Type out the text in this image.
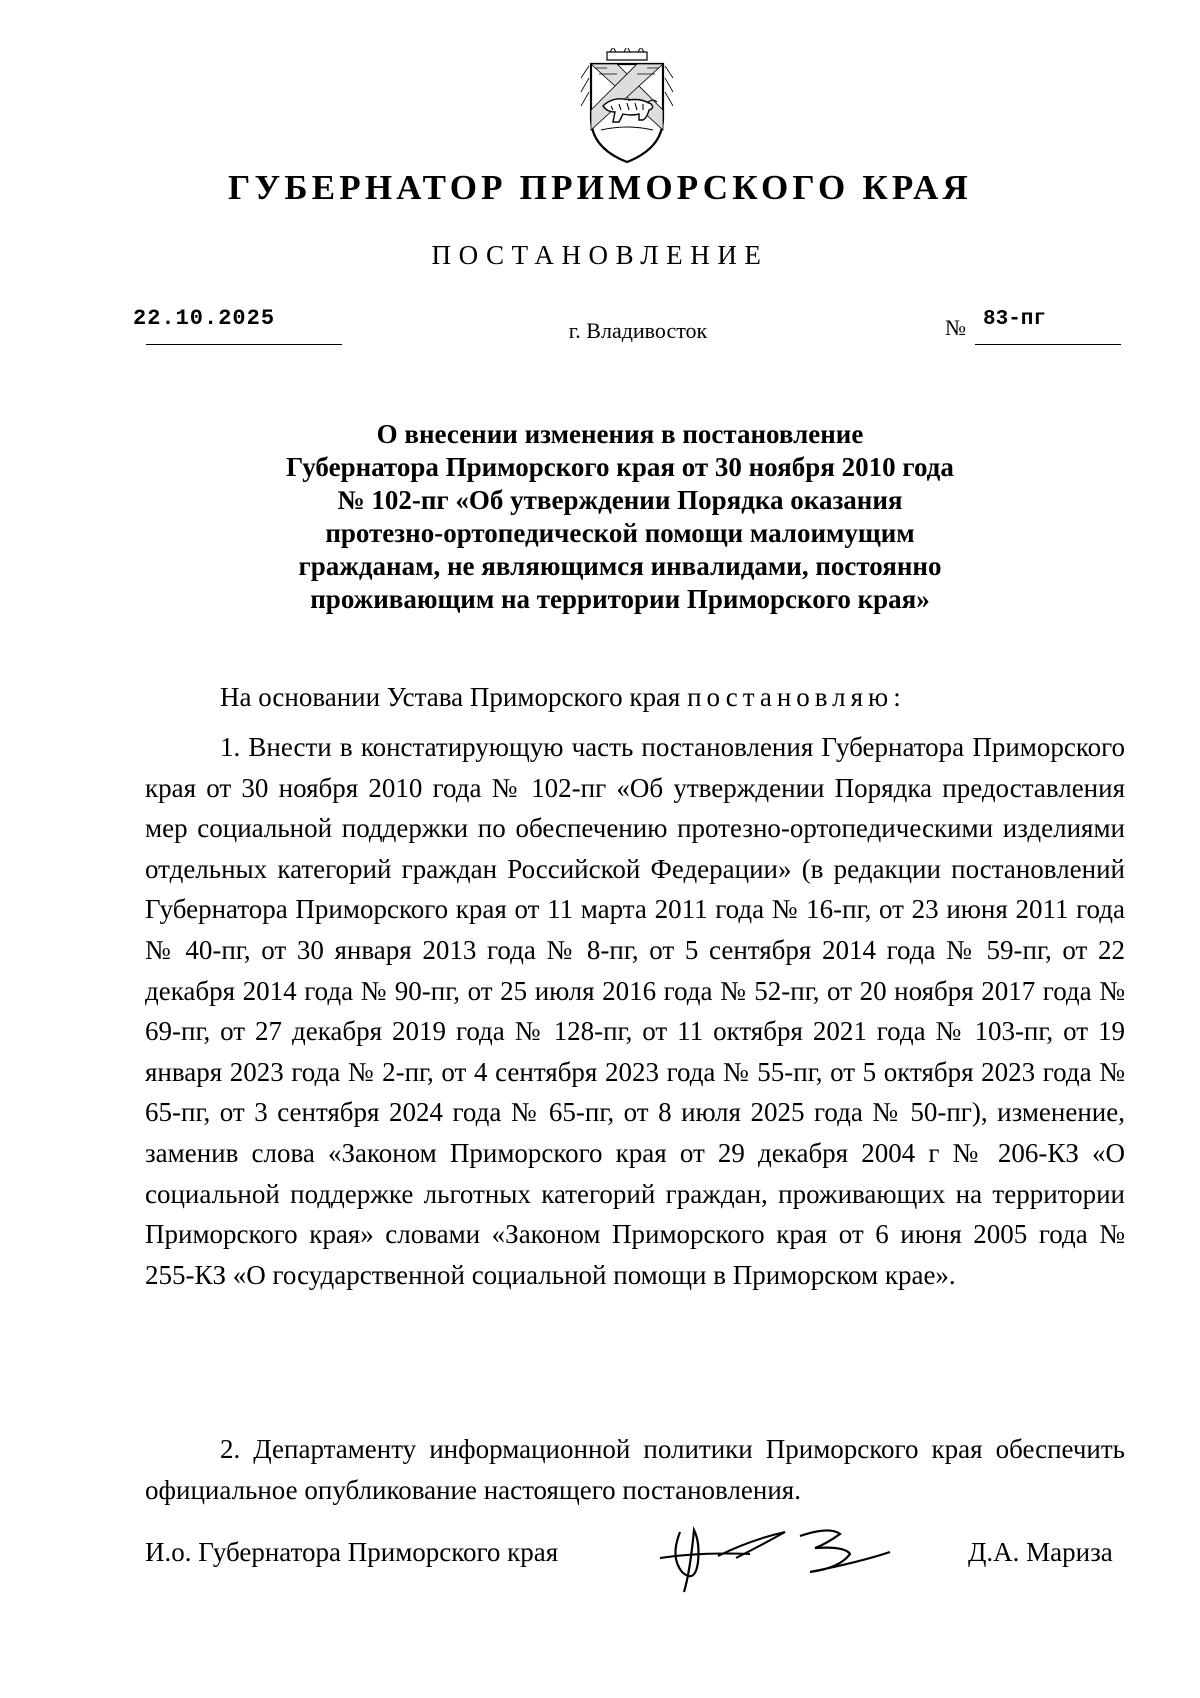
ГУБЕРНАТОР ПРИМОРСКОГО КРАЯ
ПОСТАНОВЛЕНИЕ
22.10.2025	г. Владивосток	№ 83-пг
О внесении изменения в постановление
Губернатора Приморского края от 30 ноября 2010 года
№ 102-пг «Об утверждении Порядка оказания
протезно-ортопедической помощи малоимущим
гражданам, не являющимся инвалидами, постоянно
проживающим на территории Приморского края»
На основании Устава Приморского края постановляю:

1. Внести в констатирующую часть постановления Губернатора Приморского края от 30 ноября 2010 года № 102-пг «Об утверждении Порядка предоставления мер социальной поддержки по обеспечению протезно-ортопедическими изделиями отдельных категорий граждан Российской Федерации» (в редакции постановлений Губернатора Приморского края от 11 марта 2011 года № 16-пг, от 23 июня 2011 года № 40-пг, от 30 января 2013 года № 8-пг, от 5 сентября 2014 года № 59-пг, от 22 декабря 2014 года № 90-пг, от 25 июля 2016 года № 52-пг, от 20 ноября 2017 года № 69-пг, от 27 декабря 2019 года № 128-пг, от 11 октября 2021 года № 103-пг, от 19 января 2023 года № 2-пг, от 4 сентября 2023 года № 55-пг, от 5 октября 2023 года № 65-пг, от 3 сентября 2024 года № 65-пг, от 8 июля 2025 года № 50-пг), изменение, заменив слова «Законом Приморского края от 29 декабря 2004 г № 206-КЗ «О социальной поддержке льготных категорий граждан, проживающих на территории Приморского края» словами «Законом Приморского края от 6 июня 2005 года № 255-КЗ «О государственной социальной помощи в Приморском крае».

2. Департаменту информационной политики Приморского края обеспечить официальное опубликование настоящего постановления.

И.о. Губернатора Приморского края	Д.А. Мариза
